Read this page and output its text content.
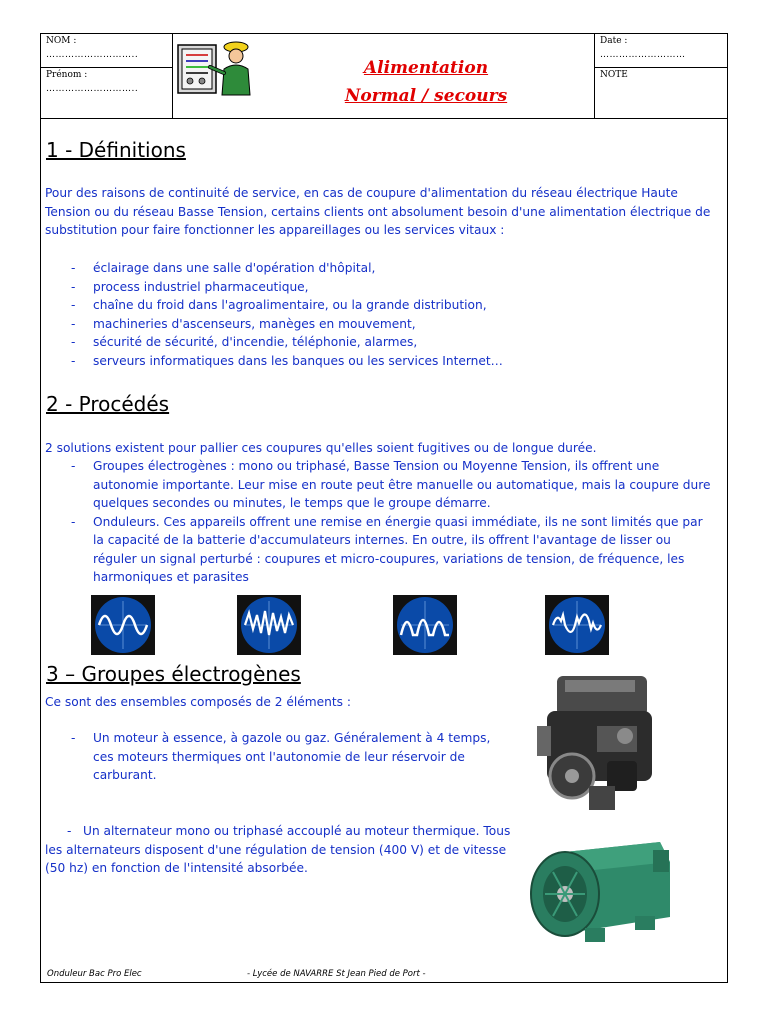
NOM :
………………………..
Prénom :
………………………..
Alimentation
Normal / secours
Date :
………………………
NOTE
1 - Définitions
Pour des raisons de continuité de service, en cas de coupure d'alimentation du réseau électrique Haute Tension ou du réseau Basse Tension, certains clients ont absolument besoin d'une alimentation électrique de substitution pour faire fonctionner les appareillages ou les services vitaux :
- éclairage dans une salle d'opération d'hôpital,
- process industriel pharmaceutique,
- chaîne du froid dans l'agroalimentaire, ou la grande distribution,
- machineries d'ascenseurs, manèges en mouvement,
- sécurité de sécurité, d'incendie, téléphonie, alarmes,
- serveurs informatiques dans les banques ou les services Internet…
2 - Procédés
2 solutions existent pour pallier ces coupures qu'elles soient fugitives ou de longue durée.
- Groupes électrogènes : mono ou triphasé, Basse Tension ou Moyenne Tension, ils offrent une autonomie importante. Leur mise en route peut être manuelle ou automatique, mais la coupure dure quelques secondes ou minutes, le temps que le groupe démarre.
- Onduleurs. Ces appareils offrent une remise en énergie quasi immédiate, ils ne sont limités que par la capacité de la batterie d'accumulateurs internes. En outre, ils offrent l'avantage de lisser ou réguler un signal perturbé : coupures et micro-coupures, variations de tension, de fréquence, les harmoniques et parasites
3 – Groupes électrogènes
Ce sont des ensembles composés de 2 éléments :
- Un moteur à essence, à gazole ou gaz. Généralement à 4 temps, ces moteurs thermiques ont l'autonomie de leur réservoir de carburant.
-   Un alternateur mono ou triphasé accouplé au moteur thermique. Tous les alternateurs disposent d'une régulation de tension (400 V) et de vitesse (50 hz) en fonction de l'intensité absorbée.
Onduleur Bac Pro Elec	- Lycée de NAVARRE St Jean Pied de Port -
